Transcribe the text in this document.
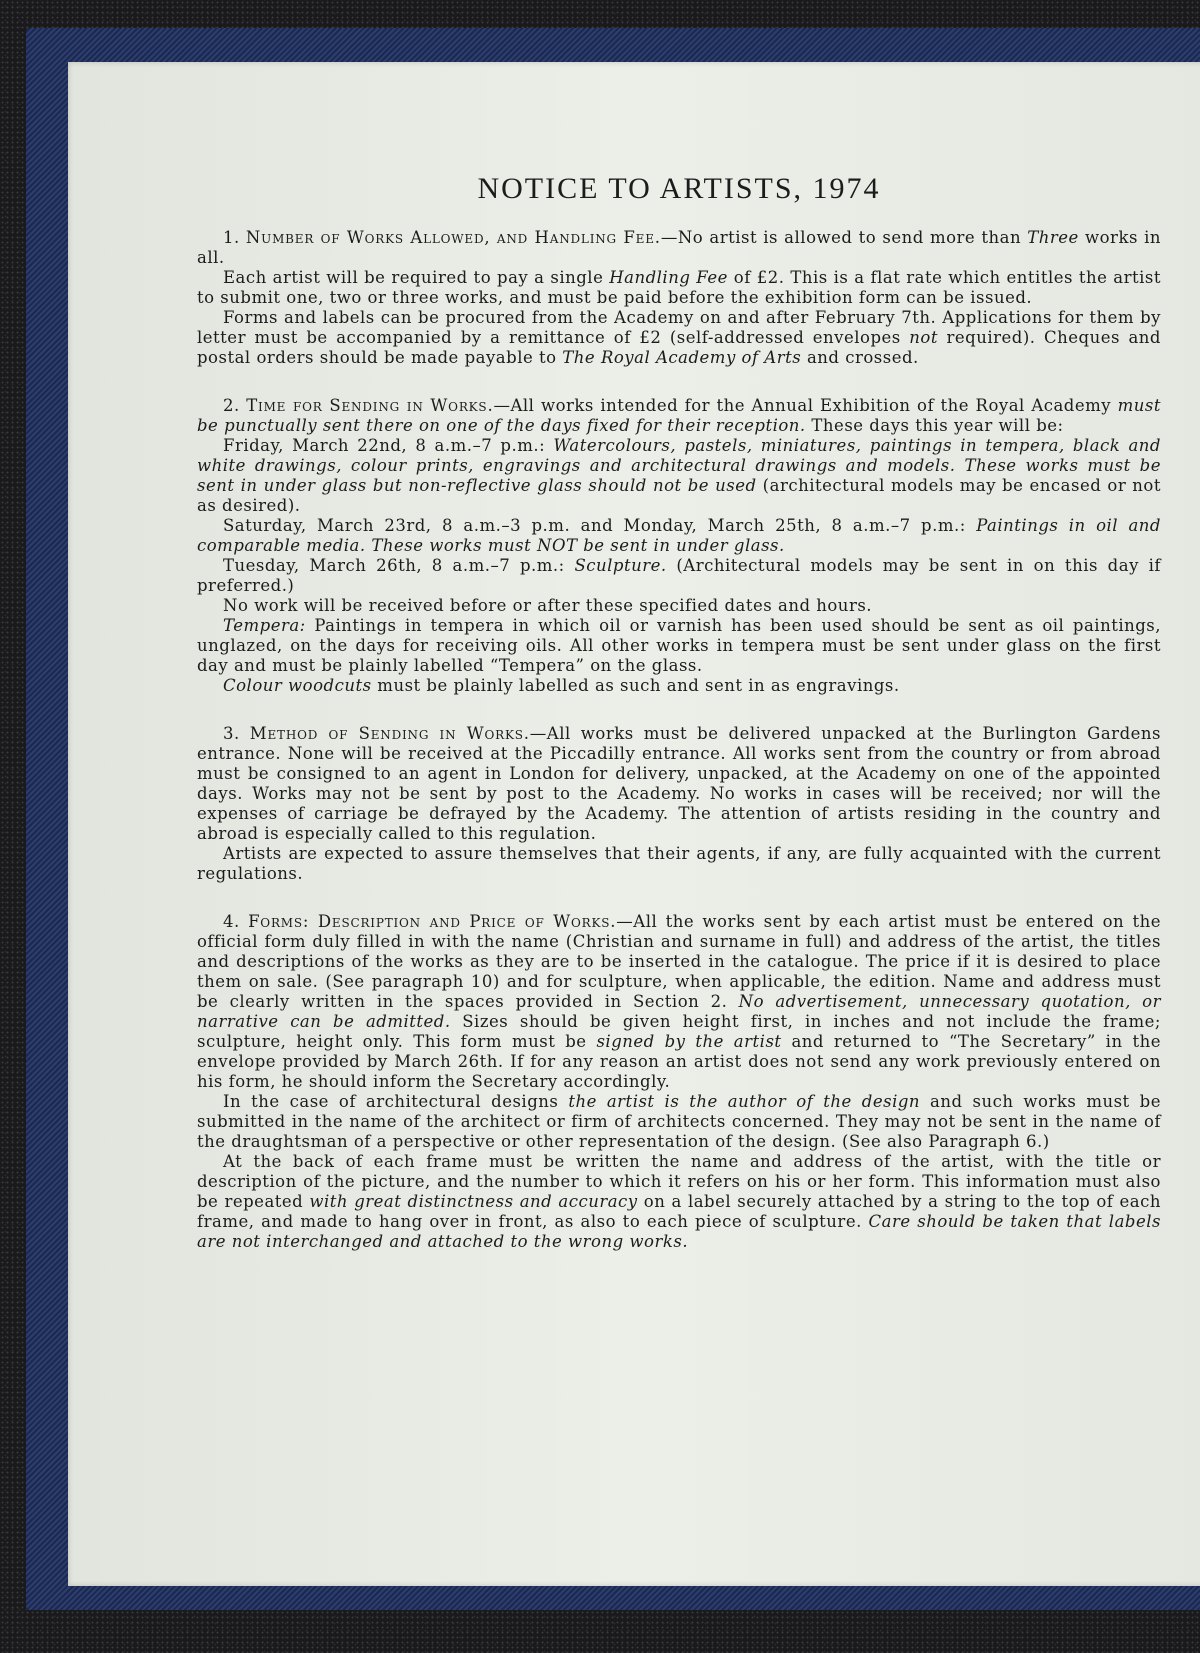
NOTICE TO ARTISTS, 1974

1. Number of Works Allowed, and Handling Fee.—No artist is allowed to send more than Three works in all.

Each artist will be required to pay a single Handling Fee of £2. This is a flat rate which entitles the artist to submit one, two or three works, and must be paid before the exhibition form can be issued.

Forms and labels can be procured from the Academy on and after February 7th. Applications for them by letter must be accompanied by a remittance of £2 (self-addressed envelopes not required). Cheques and postal orders should be made payable to The Royal Academy of Arts and crossed.

2. Time for Sending in Works.—All works intended for the Annual Exhibition of the Royal Academy must be punctually sent there on one of the days fixed for their reception. These days this year will be:

Friday, March 22nd, 8 a.m.–7 p.m.: Watercolours, pastels, miniatures, paintings in tempera, black and white drawings, colour prints, engravings and architectural drawings and models. These works must be sent in under glass but non-reflective glass should not be used (architectural models may be encased or not as desired).

Saturday, March 23rd, 8 a.m.–3 p.m. and Monday, March 25th, 8 a.m.–7 p.m.: Paintings in oil and comparable media. These works must NOT be sent in under glass.

Tuesday, March 26th, 8 a.m.–7 p.m.: Sculpture. (Architectural models may be sent in on this day if preferred.)

No work will be received before or after these specified dates and hours.

Tempera: Paintings in tempera in which oil or varnish has been used should be sent as oil paintings, unglazed, on the days for receiving oils. All other works in tempera must be sent under glass on the first day and must be plainly labelled “Tempera” on the glass.

Colour woodcuts must be plainly labelled as such and sent in as engravings.

3. Method of Sending in Works.—All works must be delivered unpacked at the Burlington Gardens entrance. None will be received at the Piccadilly entrance. All works sent from the country or from abroad must be consigned to an agent in London for delivery, unpacked, at the Academy on one of the appointed days. Works may not be sent by post to the Academy. No works in cases will be received; nor will the expenses of carriage be defrayed by the Academy. The attention of artists residing in the country and abroad is especially called to this regulation.

Artists are expected to assure themselves that their agents, if any, are fully acquainted with the current regulations.

4. Forms: Description and Price of Works.—All the works sent by each artist must be entered on the official form duly filled in with the name (Christian and surname in full) and address of the artist, the titles and descriptions of the works as they are to be inserted in the catalogue. The price if it is desired to place them on sale. (See paragraph 10) and for sculpture, when applicable, the edition. Name and address must be clearly written in the spaces provided in Section 2. No advertisement, unnecessary quotation, or narrative can be admitted. Sizes should be given height first, in inches and not include the frame; sculpture, height only. This form must be signed by the artist and returned to “The Secretary” in the envelope provided by March 26th. If for any reason an artist does not send any work previously entered on his form, he should inform the Secretary accordingly.

In the case of architectural designs the artist is the author of the design and such works must be submitted in the name of the architect or firm of architects concerned. They may not be sent in the name of the draughtsman of a perspective or other representation of the design. (See also Paragraph 6.)

At the back of each frame must be written the name and address of the artist, with the title or description of the picture, and the number to which it refers on his or her form. This information must also be repeated with great distinctness and accuracy on a label securely attached by a string to the top of each frame, and made to hang over in front, as also to each piece of sculpture. Care should be taken that labels are not interchanged and attached to the wrong works.
